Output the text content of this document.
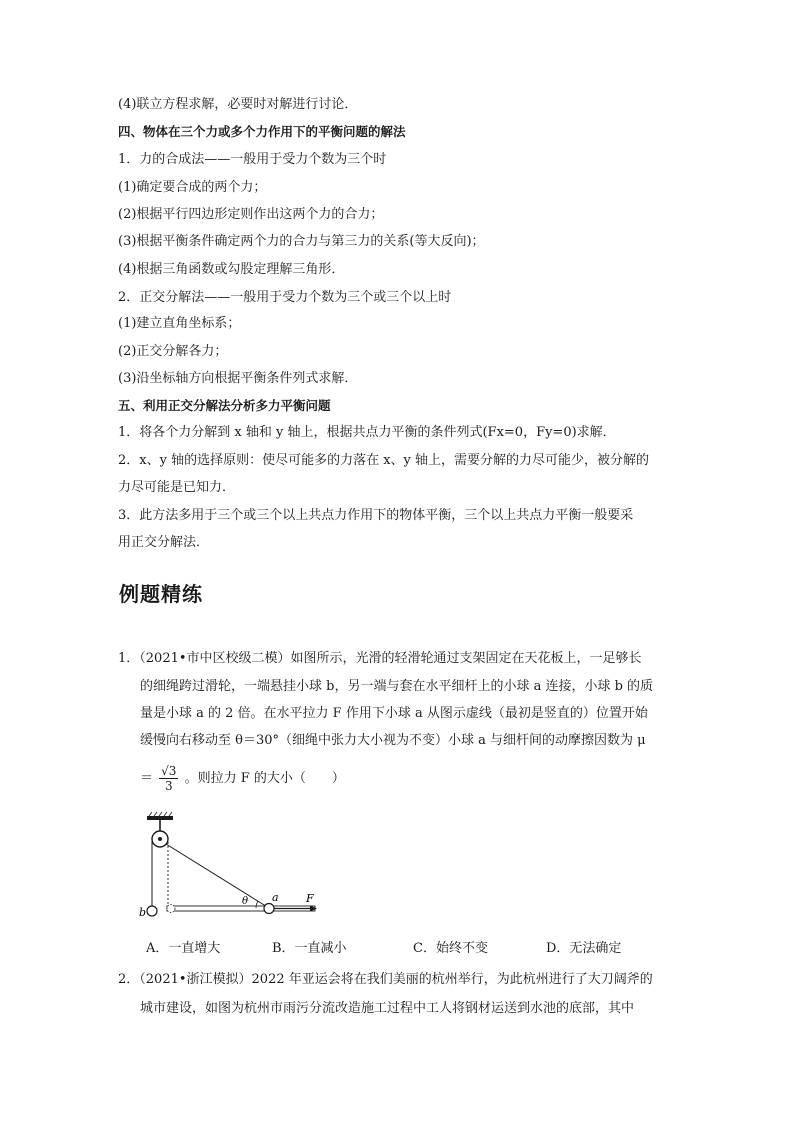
(4)联立方程求解，必要时对解进行讨论．
四、物体在三个力或多个力作用下的平衡问题的解法
1．力的合成法——一般用于受力个数为三个时
(1)确定要合成的两个力；
(2)根据平行四边形定则作出这两个力的合力；
(3)根据平衡条件确定两个力的合力与第三力的关系(等大反向)；
(4)根据三角函数或勾股定理解三角形．
2．正交分解法——一般用于受力个数为三个或三个以上时
(1)建立直角坐标系；
(2)正交分解各力；
(3)沿坐标轴方向根据平衡条件列式求解．
五、利用正交分解法分析多力平衡问题
1．将各个力分解到 x 轴和 y 轴上，根据共点力平衡的条件列式(Fx=0，Fy=0)求解．
2．x、y 轴的选择原则：使尽可能多的力落在 x、y 轴上，需要分解的力尽可能少，被分解的
力尽可能是已知力．
3．此方法多用于三个或三个以上共点力作用下的物体平衡，三个以上共点力平衡一般要采
用正交分解法．
例题精练
1．（2021•市中区校级二模）如图所示，光滑的轻滑轮通过支架固定在天花板上，一足够长
的细绳跨过滑轮，一端悬挂小球 b，另一端与套在水平细杆上的小球 a 连接，小球 b 的质
量是小球 a 的 2 倍。在水平拉力 F 作用下小球 a 从图示虚线（最初是竖直的）位置开始
缓慢向右移动至 θ＝30°（细绳中张力大小视为不变）小球 a 与细杆间的动摩擦因数为 μ
＝ $\frac{√3}{3}$ 。则拉力 F 的大小（　　）
a
b
θ	F
A．一直增大	B．一直减小	C．始终不变	D．无法确定
2．（2021•浙江模拟）2022 年亚运会将在我们美丽的杭州举行，为此杭州进行了大刀阔斧的
城市建设，如图为杭州市雨污分流改造施工过程中工人将钢材运送到水池的底部，其中
